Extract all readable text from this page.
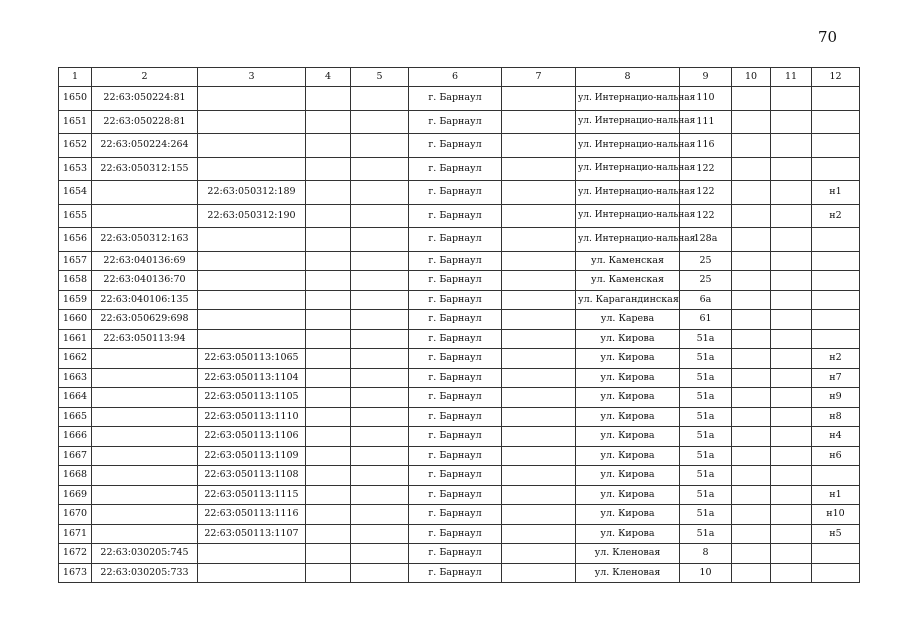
70
1	2	3	4	5	6	7	8	9	10	11	12
1650	22:63:050224:81				г. Барнаул		ул. Интернацио-нальная	110			
1651	22:63:050228:81				г. Барнаул		ул. Интернацио-нальная	111			
1652	22:63:050224:264				г. Барнаул		ул. Интернацио-нальная	116			
1653	22:63:050312:155				г. Барнаул		ул. Интернацио-нальная	122			
1654		22:63:050312:189			г. Барнаул		ул. Интернацио-нальная	122			н1
1655		22:63:050312:190			г. Барнаул		ул. Интернацио-нальная	122			н2
1656	22:63:050312:163				г. Барнаул		ул. Интернацио-нальная	128а			
1657	22:63:040136:69				г. Барнаул		ул. Каменская	25			
1658	22:63:040136:70				г. Барнаул		ул. Каменская	25			
1659	22:63:040106:135				г. Барнаул		ул. Карагандинская	6а			
1660	22:63:050629:698				г. Барнаул		ул. Карева	61			
1661	22:63:050113:94				г. Барнаул		ул. Кирова	51а			
1662		22:63:050113:1065			г. Барнаул		ул. Кирова	51а			н2
1663		22:63:050113:1104			г. Барнаул		ул. Кирова	51а			н7
1664		22:63:050113:1105			г. Барнаул		ул. Кирова	51а			н9
1665		22:63:050113:1110			г. Барнаул		ул. Кирова	51а			н8
1666		22:63:050113:1106			г. Барнаул		ул. Кирова	51а			н4
1667		22:63:050113:1109			г. Барнаул		ул. Кирова	51а			н6
1668		22:63:050113:1108			г. Барнаул		ул. Кирова	51а			
1669		22:63:050113:1115			г. Барнаул		ул. Кирова	51а			н1
1670		22:63:050113:1116			г. Барнаул		ул. Кирова	51а			н10
1671		22:63:050113:1107			г. Барнаул		ул. Кирова	51а			н5
1672	22:63:030205:745				г. Барнаул		ул. Кленовая	8			
1673	22:63:030205:733				г. Барнаул		ул. Кленовая	10			
